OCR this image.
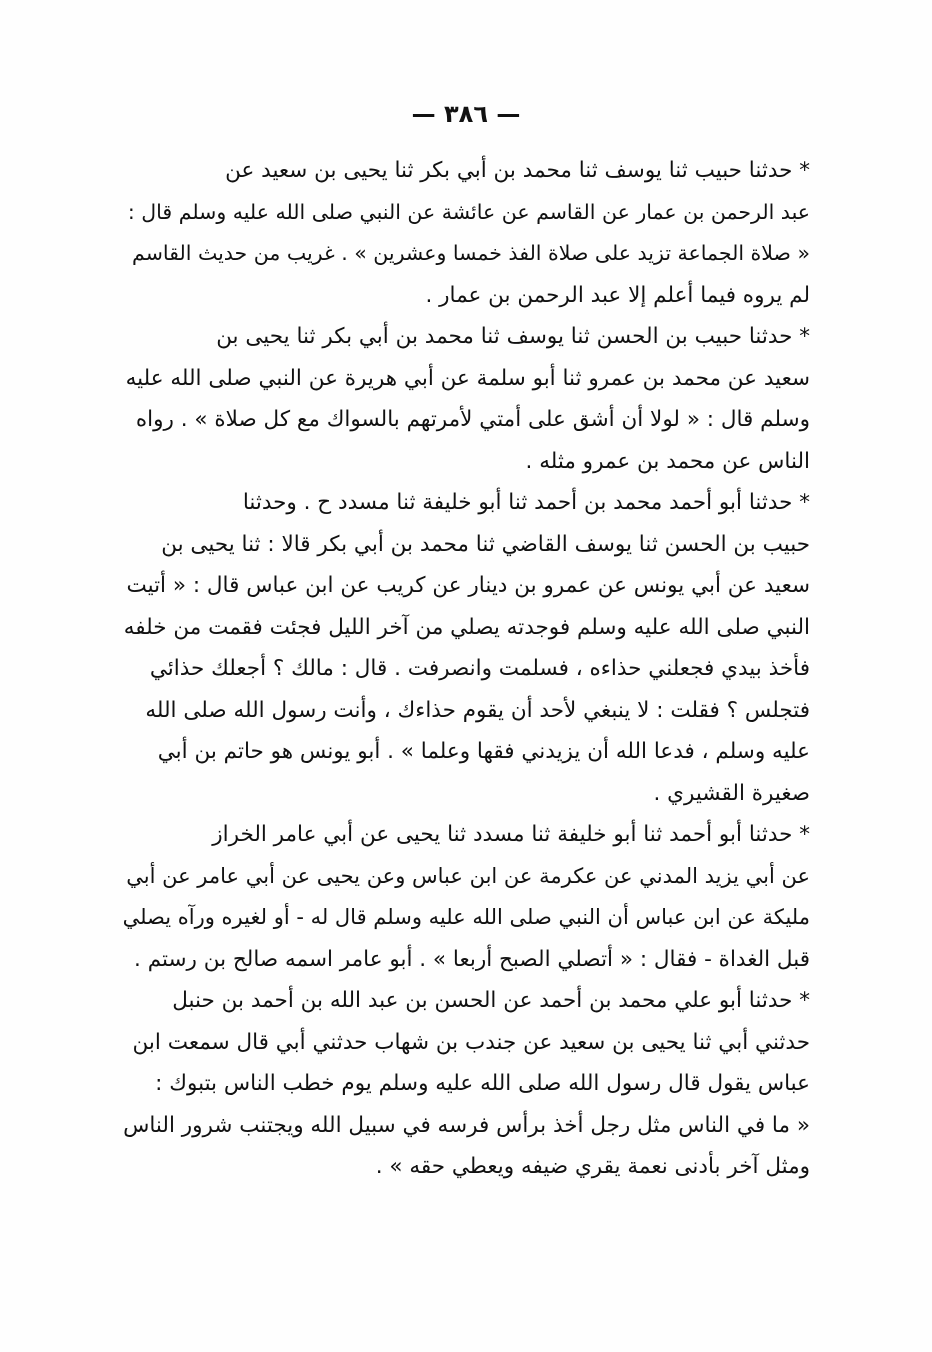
— ٣٨٦ —
* حدثنا حبيب ثنا يوسف ثنا محمد بن أبي بكر ثنا يحيى بن سعيد عن
عبد الرحمن بن عمار عن القاسم عن عائشة عن النبي صلى الله عليه وسلم قال :
« صلاة الجماعة تزيد على صلاة الفذ خمسا وعشرين » . غريب من حديث القاسم
لم يروه فيما أعلم إلا عبد الرحمن بن عمار .
* حدثنا حبيب بن الحسن ثنا يوسف ثنا محمد بن أبي بكر ثنا يحيى بن
سعيد عن محمد بن عمرو ثنا أبو سلمة عن أبي هريرة عن النبي صلى الله عليه
وسلم قال : « لولا أن أشق على أمتي لأمرتهم بالسواك مع كل صلاة » . رواه
الناس عن محمد بن عمرو مثله .
* حدثنا أبو أحمد محمد بن أحمد ثنا أبو خليفة ثنا مسدد ح . وحدثنا
حبيب بن الحسن ثنا يوسف القاضي ثنا محمد بن أبي بكر قالا : ثنا يحيى بن
سعيد عن أبي يونس عن عمرو بن دينار عن كريب عن ابن عباس قال : « أتيت
النبي صلى الله عليه وسلم فوجدته يصلي من آخر الليل فجئت فقمت من خلفه
فأخذ بيدي فجعلني حذاءه ، فسلمت وانصرفت . قال : مالك ؟ أجعلك حذائي
فتجلس ؟ فقلت : لا ينبغي لأحد أن يقوم حذاءك ، وأنت رسول الله صلى الله
عليه وسلم ، فدعا الله أن يزيدني فقها وعلما » . أبو يونس هو حاتم بن أبي
صغيرة القشيري .
* حدثنا أبو أحمد ثنا أبو خليفة ثنا مسدد ثنا يحيى عن أبي عامر الخراز
عن أبي يزيد المدني عن عكرمة عن ابن عباس وعن يحيى عن أبي عامر عن أبي
مليكة عن ابن عباس أن النبي صلى الله عليه وسلم قال له - أو لغيره ورآه يصلي
قبل الغداة - فقال : « أتصلي الصبح أربعا » . أبو عامر اسمه صالح بن رستم .
* حدثنا أبو علي محمد بن أحمد عن الحسن بن عبد الله بن أحمد بن حنبل
حدثني أبي ثنا يحيى بن سعيد عن جندب بن شهاب حدثني أبي قال سمعت ابن
عباس يقول قال رسول الله صلى الله عليه وسلم يوم خطب الناس بتبوك :
« ما في الناس مثل رجل أخذ برأس فرسه في سبيل الله ويجتنب شرور الناس
ومثل آخر بأدنى نعمة يقري ضيفه ويعطي حقه » .
